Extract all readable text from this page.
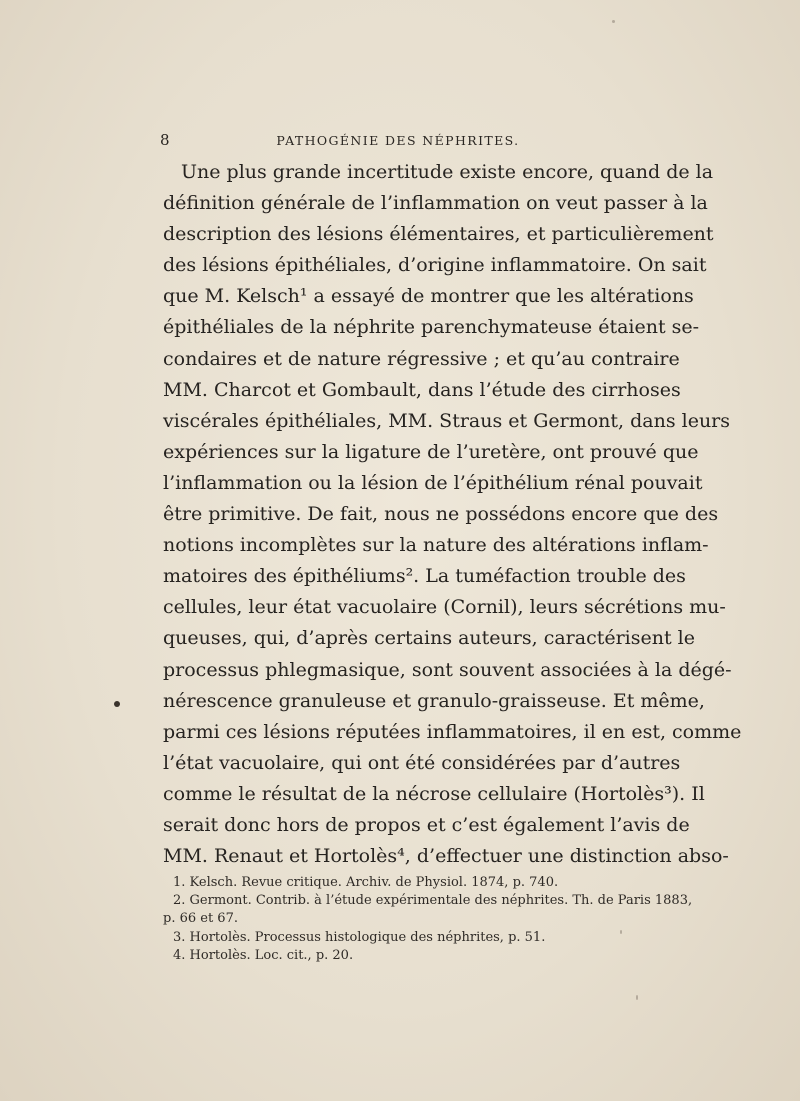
8	PATHOGÉNIE DES NÉPHRITES.
Une plus grande incertitude existe encore, quand de la
définition générale de l’inflammation on veut passer à la
description des lésions élémentaires, et particulièrement
des lésions épithéliales, d’origine inflammatoire. On sait
que M. Kelsch¹ a essayé de montrer que les altérations
épithéliales de la néphrite parenchymateuse étaient se-
condaires et de nature régressive ; et qu’au contraire
MM. Charcot et Gombault, dans l’étude des cirrhoses
viscérales épithéliales, MM. Straus et Germont, dans leurs
expériences sur la ligature de l’uretère, ont prouvé que
l’inflammation ou la lésion de l’épithélium rénal pouvait
être primitive. De fait, nous ne possédons encore que des
notions incomplètes sur la nature des altérations inflam-
matoires des épithéliums². La tuméfaction trouble des
cellules, leur état vacuolaire (Cornil), leurs sécrétions mu-
queuses, qui, d’après certains auteurs, caractérisent le
processus phlegmasique, sont souvent associées à la dégé-
nérescence granuleuse et granulo-graisseuse. Et même,
parmi ces lésions réputées inflammatoires, il en est, comme
l’état vacuolaire, qui ont été considérées par d’autres
comme le résultat de la nécrose cellulaire (Hortolès³). Il
serait donc hors de propos et c’est également l’avis de
MM. Renaut et Hortolès⁴, d’effectuer une distinction abso-
1. Kelsch. Revue critique. Archiv. de Physiol. 1874, p. 740.
2. Germont. Contrib. à l’étude expérimentale des néphrites. Th. de Paris 1883,
p. 66 et 67.
3. Hortolès. Processus histologique des néphrites, p. 51.
4. Hortolès. Loc. cit., p. 20.
